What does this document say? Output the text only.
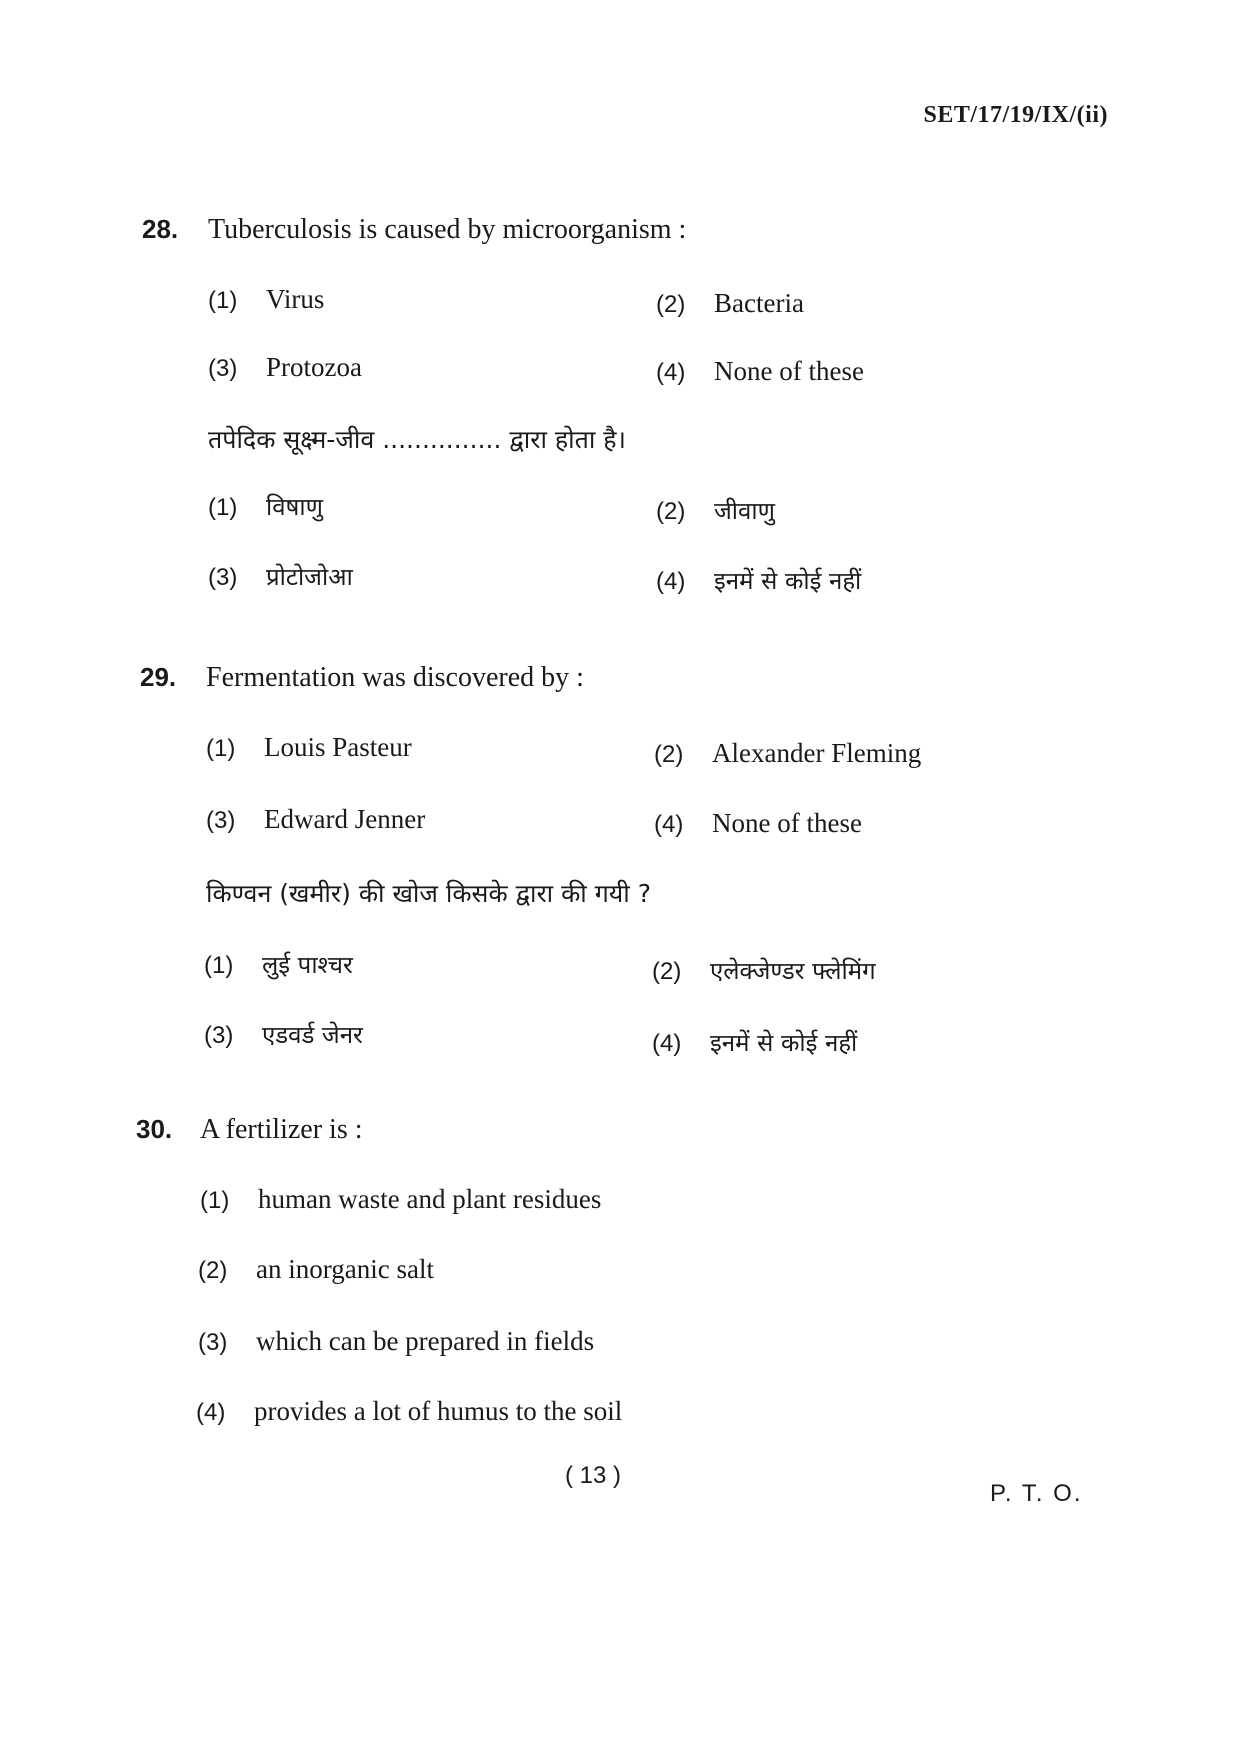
SET/17/19/IX/(ii)
28. Tuberculosis is caused by microorganism :
(1) Virus	(2) Bacteria
(3) Protozoa	(4) None of these
तपेदिक सूक्ष्म-जीव ............... द्वारा होता है।
(1) विषाणु	(2) जीवाणु
(3) प्रोटोजोआ	(4) इनमें से कोई नहीं
29. Fermentation was discovered by :
(1) Louis Pasteur	(2) Alexander Fleming
(3) Edward Jenner	(4) None of these
किण्वन (खमीर) की खोज किसके द्वारा की गयी ?
(1) लुई पाश्चर	(2) एलेक्जेण्डर फ्लेमिंग
(3) एडवर्ड जेनर	(4) इनमें से कोई नहीं
30. A fertilizer is :
(1) human waste and plant residues
(2) an inorganic salt
(3) which can be prepared in fields
(4) provides a lot of humus to the soil
( 13 )
P. T. O.
